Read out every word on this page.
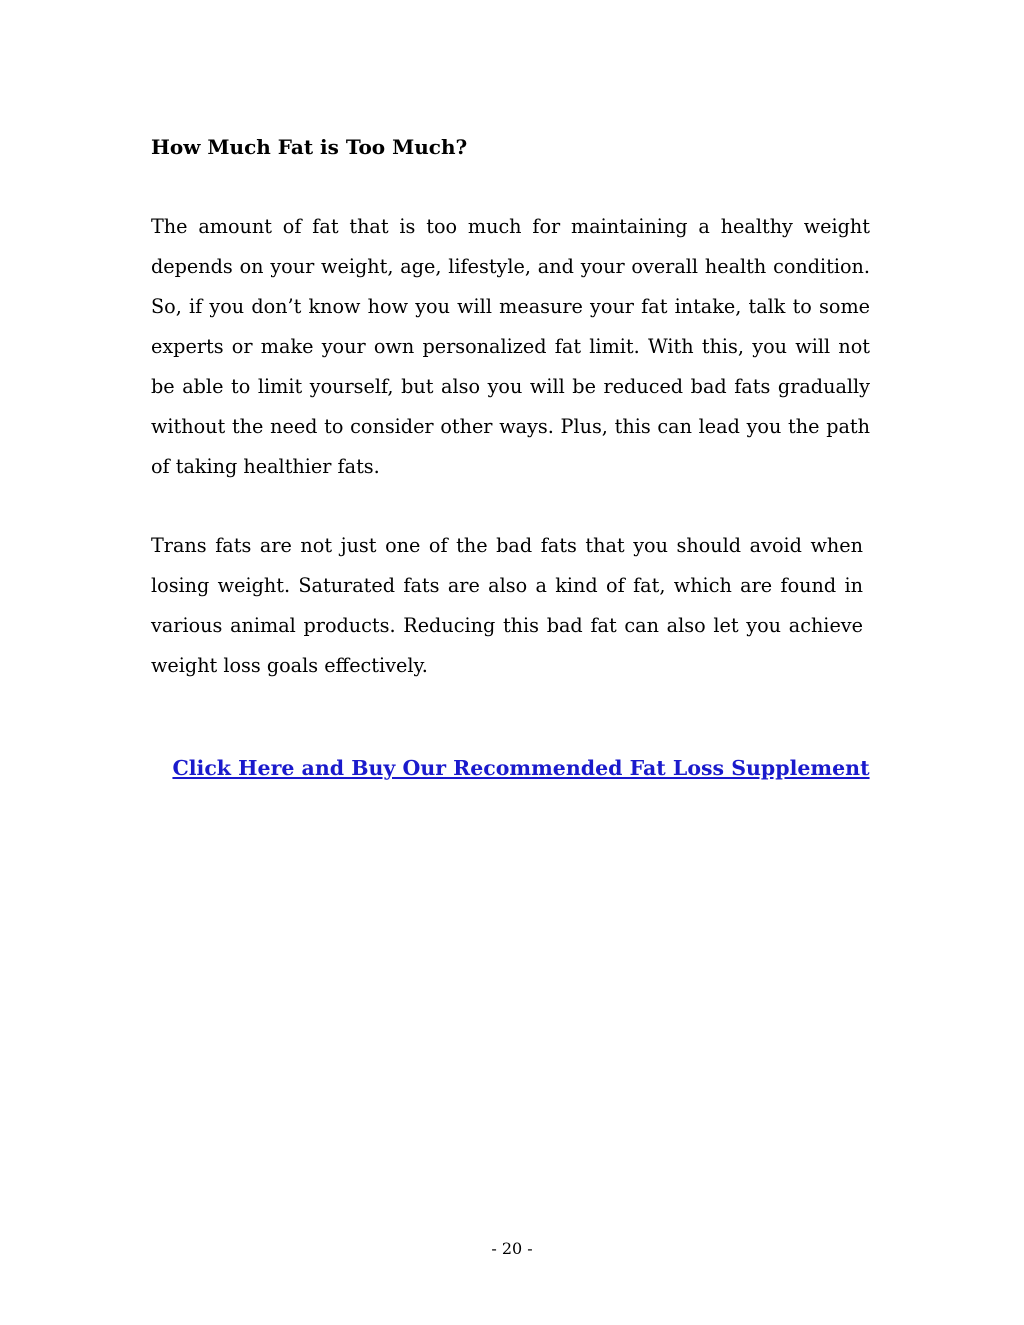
How Much Fat is Too Much?

The amount of fat that is too much for maintaining a healthy weight depends on your weight, age, lifestyle, and your overall health condition. So, if you don’t know how you will measure your fat intake, talk to some experts or make your own personalized fat limit. With this, you will not be able to limit yourself, but also you will be reduced bad fats gradually without the need to consider other ways. Plus, this can lead you the path of taking healthier fats.

Trans fats are not just one of the bad fats that you should avoid when losing weight. Saturated fats are also a kind of fat, which are found in various animal products. Reducing this bad fat can also let you achieve weight loss goals effectively.

Click Here and Buy Our Recommended Fat Loss Supplement
- 20 -
